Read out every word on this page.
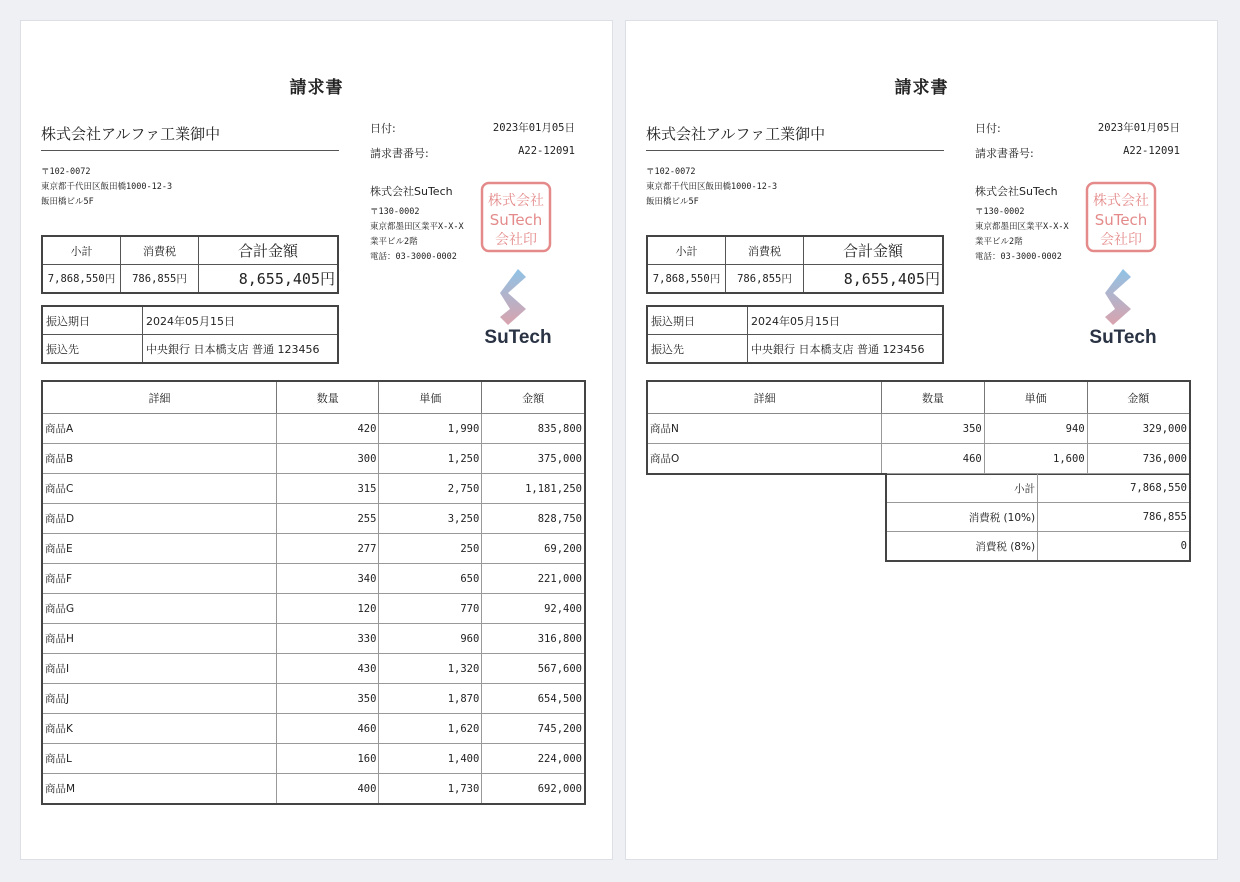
請求書
株式会社アルファ工業御中
〒102-0072
東京都千代田区飯田橋1000-12-3
飯田橋ビル5F
日付:	2023年01月05日
請求書番号:	A22-12091
株式会社SuTech
〒130-0002
東京都墨田区業平X-X-X
業平ビル2階
電話：03-3000-0002
株式会社
SuTech
会社印
SuTech
小計	消費税	合計金額
7,868,550円	786,855円	8,655,405円
振込期日	2024年05月15日
振込先	中央銀行 日本橋支店 普通 123456
詳細	数量	単価	金額
商品A	420	1,990	835,800
商品B	300	1,250	375,000
商品C	315	2,750	1,181,250
商品D	255	3,250	828,750
商品E	277	250	69,200
商品F	340	650	221,000
商品G	120	770	92,400
商品H	330	960	316,800
商品I	430	1,320	567,600
商品J	350	1,870	654,500
商品K	460	1,620	745,200
商品L	160	1,400	224,000
商品M	400	1,730	692,000
請求書
株式会社アルファ工業御中
〒102-0072
東京都千代田区飯田橋1000-12-3
飯田橋ビル5F
日付:	2023年01月05日
請求書番号:	A22-12091
株式会社SuTech
〒130-0002
東京都墨田区業平X-X-X
業平ビル2階
電話：03-3000-0002
株式会社
SuTech
会社印
SuTech
小計	消費税	合計金額
7,868,550円	786,855円	8,655,405円
振込期日	2024年05月15日
振込先	中央銀行 日本橋支店 普通 123456
詳細	数量	単価	金額
商品N	350	940	329,000
商品O	460	1,600	736,000
小計	7,868,550
消費税 (10%)	786,855
消費税 (8%)	0
